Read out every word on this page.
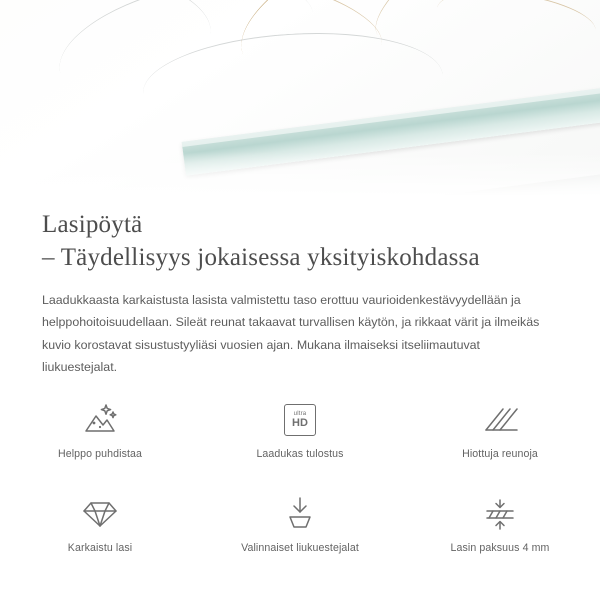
Lasipöytä
– Täydellisyys jokaisessa yksityiskohdassa

Laadukkaasta karkaistusta lasista valmistettu taso erottuu vaurioidenkestävyydellään ja helppohoitoisuudellaan. Sileät reunat takaavat turvallisen käytön, ja rikkaat värit ja ilmeikäs kuvio korostavat sisustustyyliäsi vuosien ajan. Mukana ilmaiseksi itseliimautuvat liukuestejalat.

Helppo puhdistaa
ultra
HD
Laadukas tulostus	Hiottuja reunoja
Karkaistu lasi	Valinnaiset liukuestejalat	Lasin paksuus 4 mm
